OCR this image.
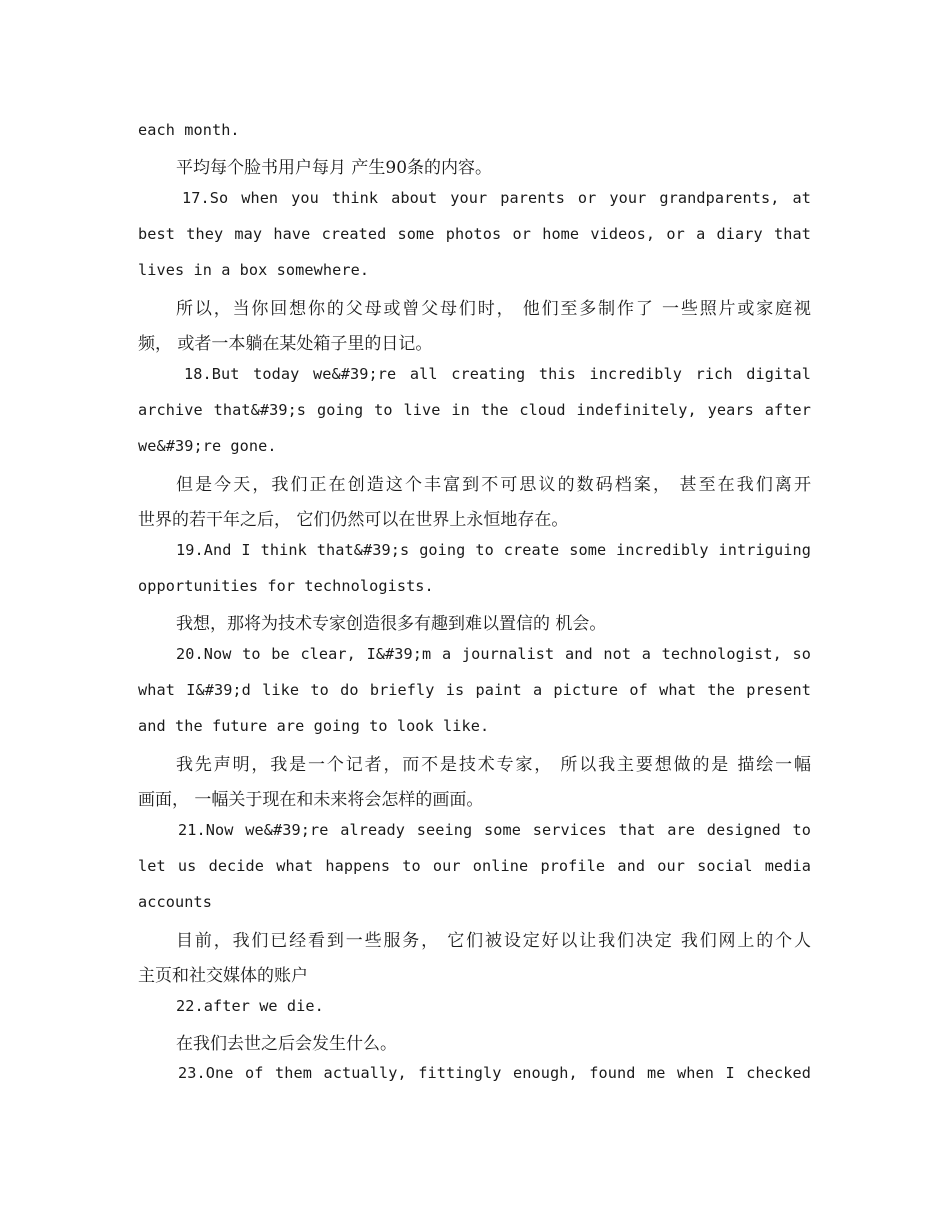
each month.
平均每个脸书用户每月 产生90条的内容。
17.So when you think about your parents or your grandparents, at
best they may have created some photos or home videos, or a diary that
lives in a box somewhere.
所以，当你回想你的父母或曾父母们时， 他们至多制作了 一些照片或家庭视
频， 或者一本躺在某处箱子里的日记。
18.But today we&#39;re all creating this incredibly rich digital
archive that&#39;s going to live in the cloud indefinitely, years after
we&#39;re gone.
但是今天，我们正在创造这个丰富到不可思议的数码档案， 甚至在我们离开
世界的若干年之后， 它们仍然可以在世界上永恒地存在。
19.And I think that&#39;s going to create some incredibly intriguing
opportunities for technologists.
我想，那将为技术专家创造很多有趣到难以置信的 机会。
20.Now to be clear, I&#39;m a journalist and not a technologist, so
what I&#39;d like to do briefly is paint a picture of what the present
and the future are going to look like.
我先声明，我是一个记者，而不是技术专家， 所以我主要想做的是 描绘一幅
画面， 一幅关于现在和未来将会怎样的画面。
21.Now we&#39;re already seeing some services that are designed to
let us decide what happens to our online profile and our social media
accounts
目前，我们已经看到一些服务， 它们被设定好以让我们决定 我们网上的个人
主页和社交媒体的账户
22.after we die.
在我们去世之后会发生什么。
23.One of them actually, fittingly enough, found me when I checked
